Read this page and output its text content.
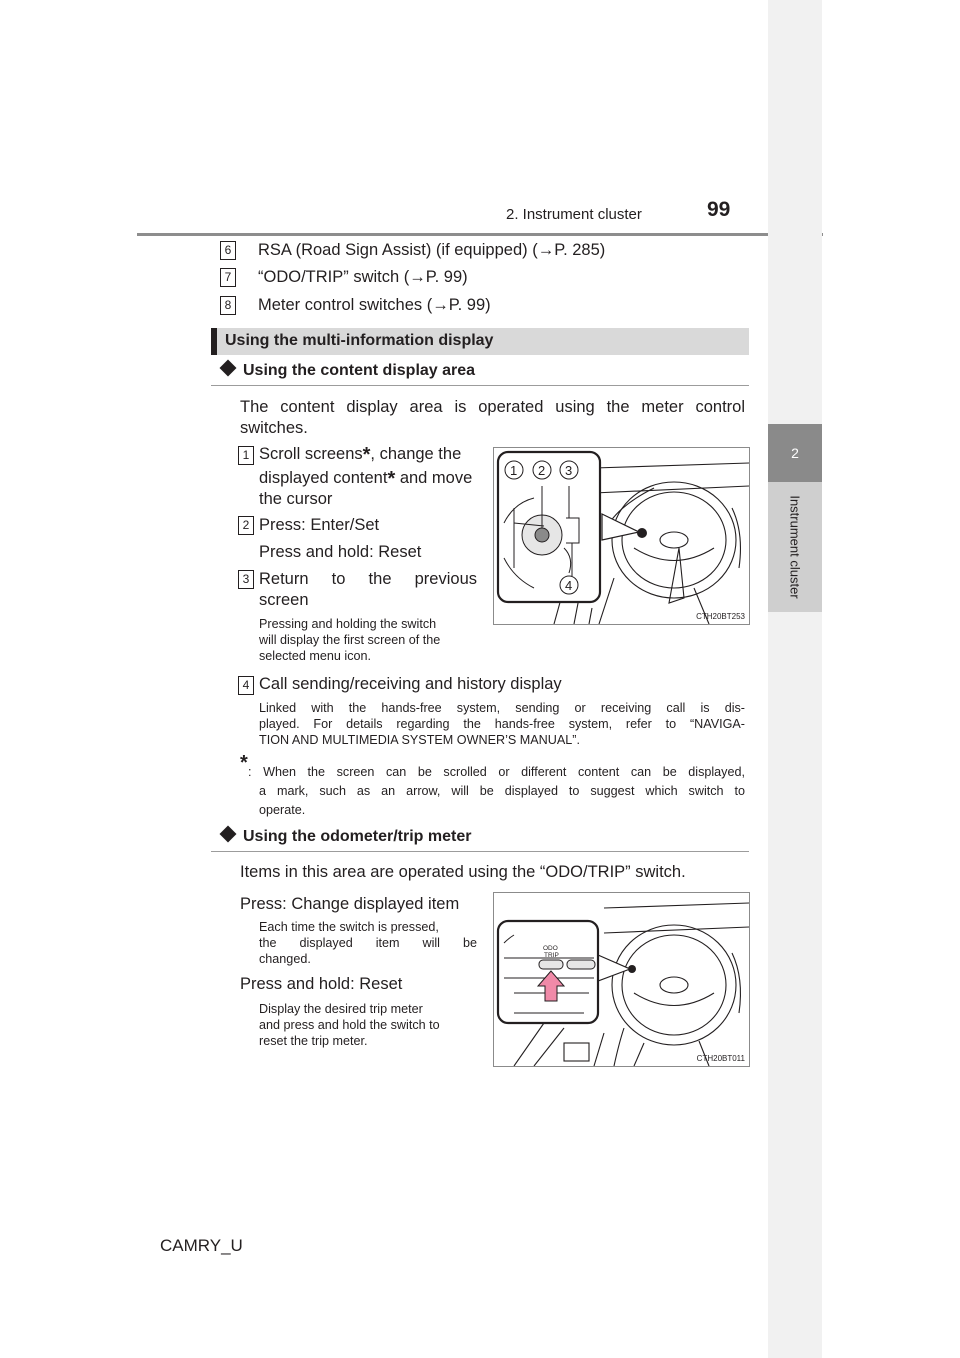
2. Instrument cluster	99
2
Instrument cluster
6 RSA (Road Sign Assist) (if equipped) (→P. 285)
7 “ODO/TRIP” switch (→P. 99)
8 Meter control switches (→P. 99)
Using the multi-information display
Using the content display area
The content display area is operated using the meter control
switches.
1 Scroll screens*, change the
displayed content* and move
the cursor
2 Press: Enter/Set
Press and hold: Reset
3 Return to the previous
screen
Pressing and holding the switch
will display the first screen of the
selected menu icon.
1 2 3
4
CTH20BT253
4 Call sending/receiving and history display
Linked with the hands-free system, sending or receiving call is dis-
played. For details regarding the hands-free system, refer to “NAVIGA-
TION AND MULTIMEDIA SYSTEM OWNER’S MANUAL”.
* : When the screen can be scrolled or different content can be displayed,
a mark, such as an arrow, will be displayed to suggest which switch to
operate.
Using the odometer/trip meter
Items in this area are operated using the “ODO/TRIP” switch.
Press: Change displayed item
Each time the switch is pressed,
the displayed item will be
changed.
Press and hold: Reset
Display the desired trip meter
and press and hold the switch to
reset the trip meter.
ODO
TRIP
CTH20BT011
CAMRY_U
